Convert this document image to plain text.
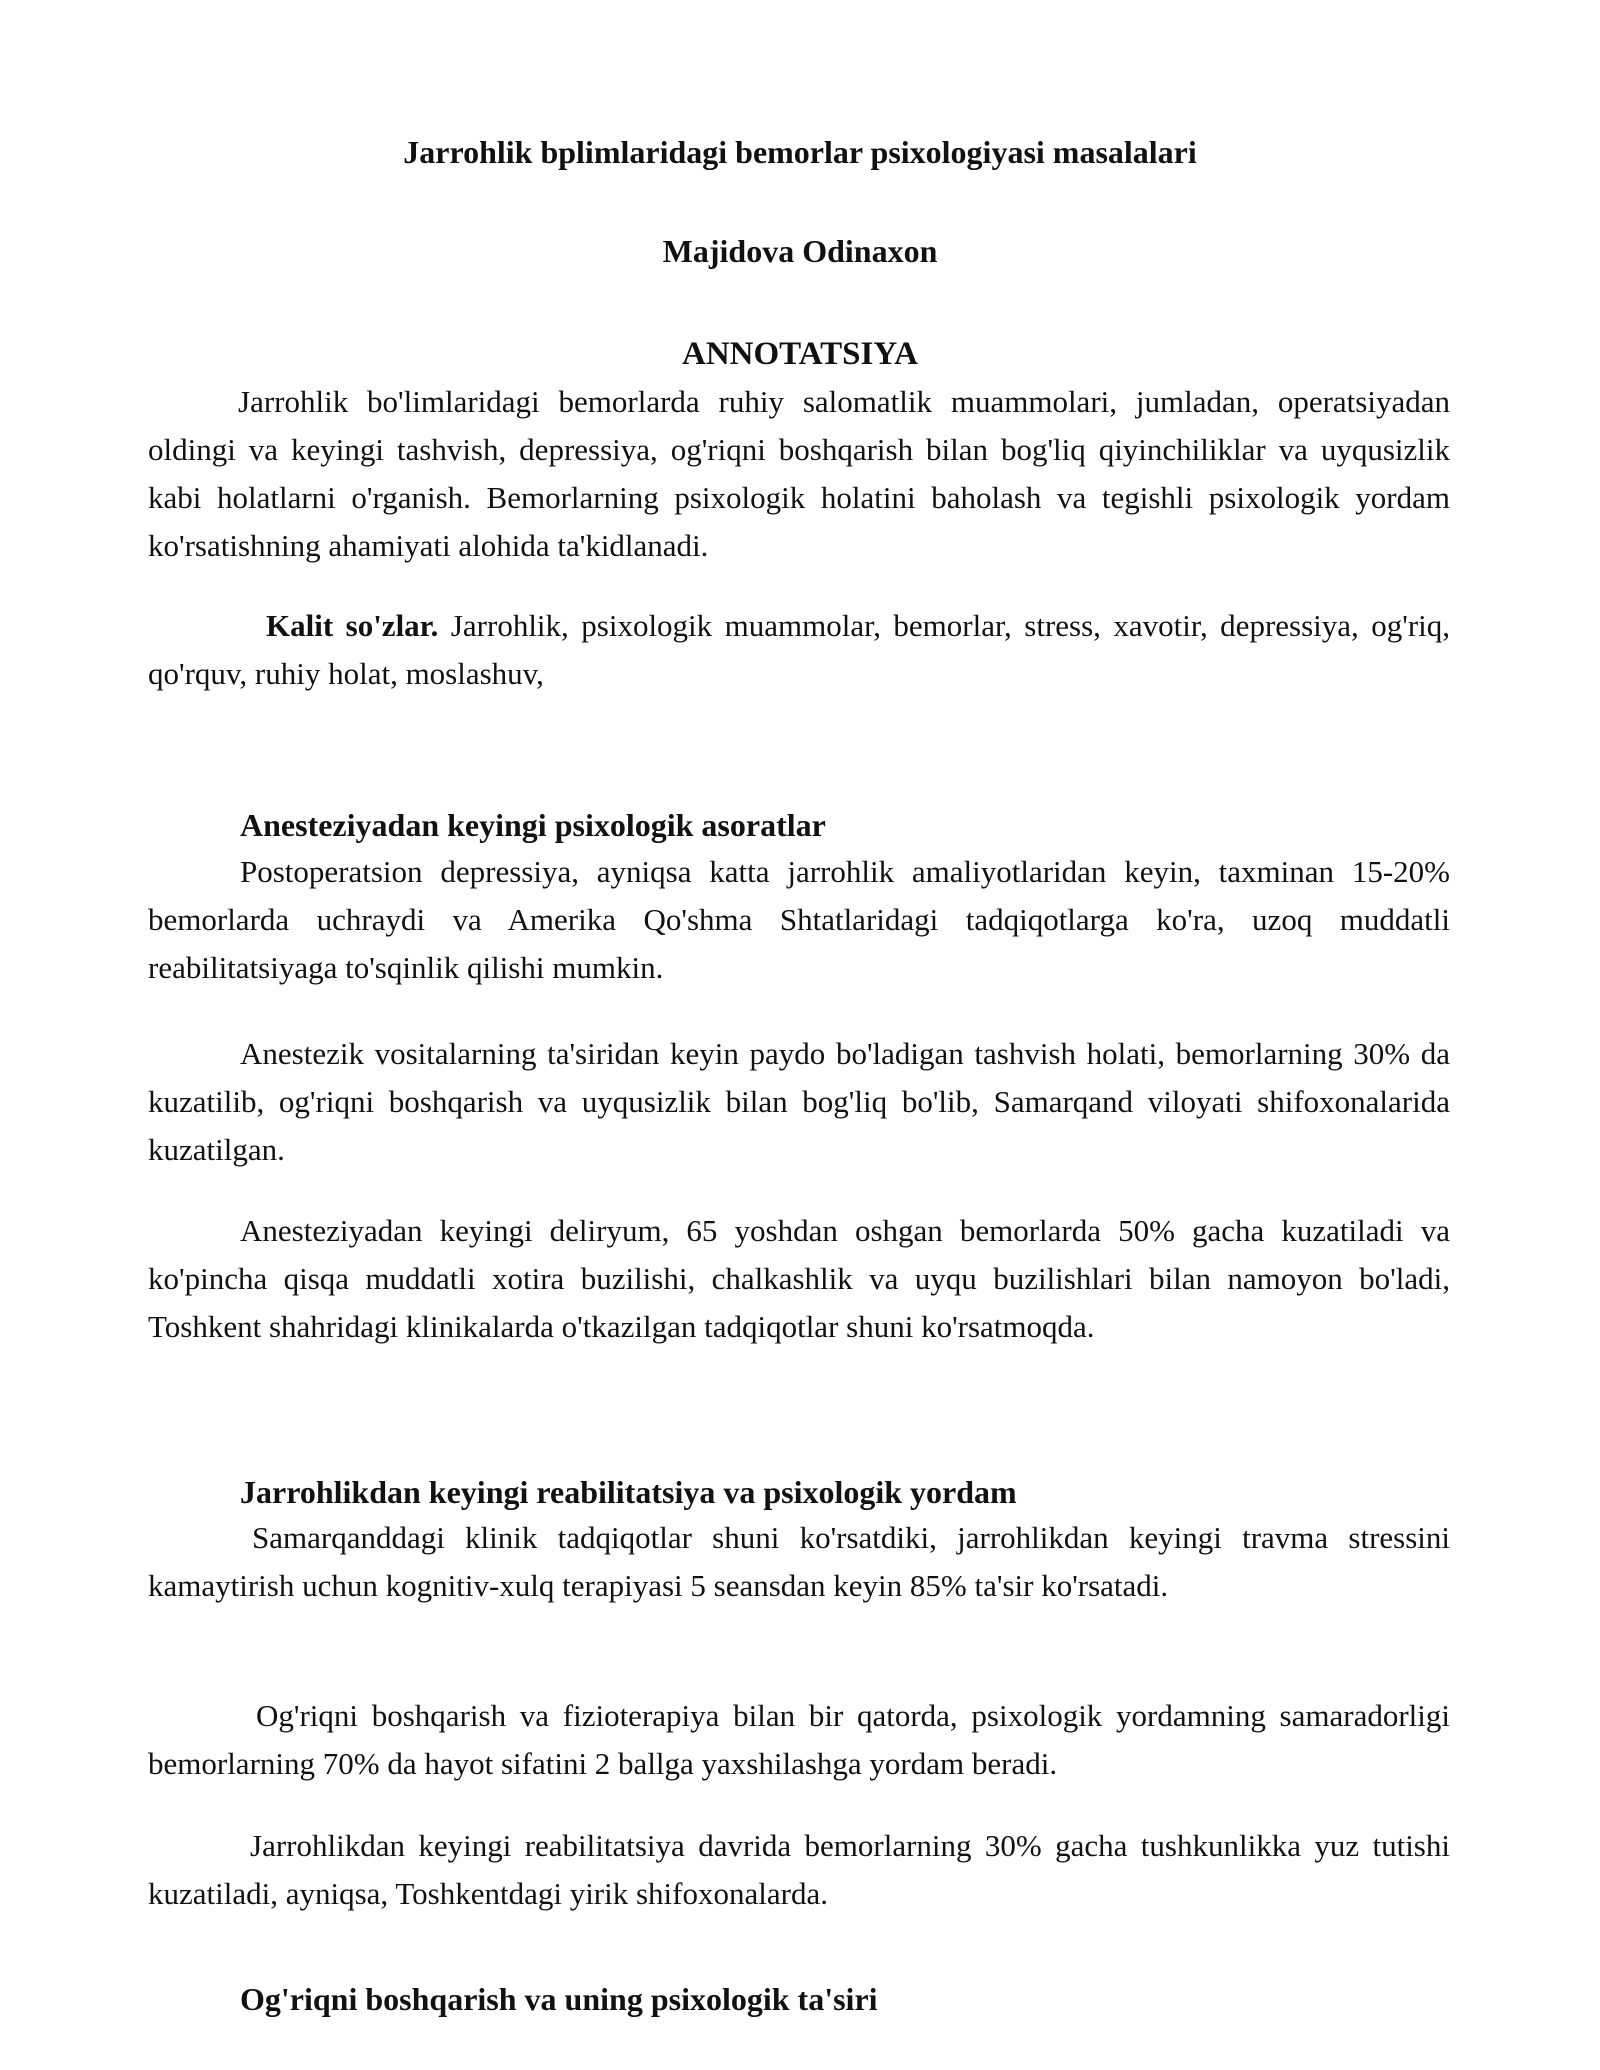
Jarrohlik bplimlaridagi bemorlar psixologiyasi masalalari
Majidova Odinaxon
ANNOTATSIYA

Jarrohlik bo'limlaridagi bemorlarda ruhiy salomatlik muammolari, jumladan, operatsiyadan oldingi va keyingi tashvish, depressiya, og'riqni boshqarish bilan bog'liq qiyinchiliklar va uyqusizlik kabi holatlarni o'rganish. Bemorlarning psixologik holatini baholash va tegishli psixologik yordam ko'rsatishning ahamiyati alohida ta'kidlanadi.

Kalit so'zlar. Jarrohlik, psixologik muammolar, bemorlar, stress, xavotir, depressiya, og'riq, qo'rquv, ruhiy holat, moslashuv,

Anesteziyadan keyingi psixologik asoratlar

Postoperatsion depressiya, ayniqsa katta jarrohlik amaliyotlaridan keyin, taxminan 15-20% bemorlarda uchraydi va Amerika Qo'shma Shtatlaridagi tadqiqotlarga ko'ra, uzoq muddatli reabilitatsiyaga to'sqinlik qilishi mumkin.

Anestezik vositalarning ta'siridan keyin paydo bo'ladigan tashvish holati, bemorlarning 30% da kuzatilib, og'riqni boshqarish va uyqusizlik bilan bog'liq bo'lib, Samarqand viloyati shifoxonalarida kuzatilgan.

Anesteziyadan keyingi deliryum, 65 yoshdan oshgan bemorlarda 50% gacha kuzatiladi va ko'pincha qisqa muddatli xotira buzilishi, chalkashlik va uyqu buzilishlari bilan namoyon bo'ladi, Toshkent shahridagi klinikalarda o'tkazilgan tadqiqotlar shuni ko'rsatmoqda.

Jarrohlikdan keyingi reabilitatsiya va psixologik yordam

Samarqanddagi klinik tadqiqotlar shuni ko'rsatdiki, jarrohlikdan keyingi travma stressini kamaytirish uchun kognitiv-xulq terapiyasi 5 seansdan keyin 85% ta'sir ko'rsatadi.

Og'riqni boshqarish va fizioterapiya bilan bir qatorda, psixologik yordamning samaradorligi bemorlarning 70% da hayot sifatini 2 ballga yaxshilashga yordam beradi.

Jarrohlikdan keyingi reabilitatsiya davrida bemorlarning 30% gacha tushkunlikka yuz tutishi kuzatiladi, ayniqsa, Toshkentdagi yirik shifoxonalarda.

Og'riqni boshqarish va uning psixologik ta'siri
